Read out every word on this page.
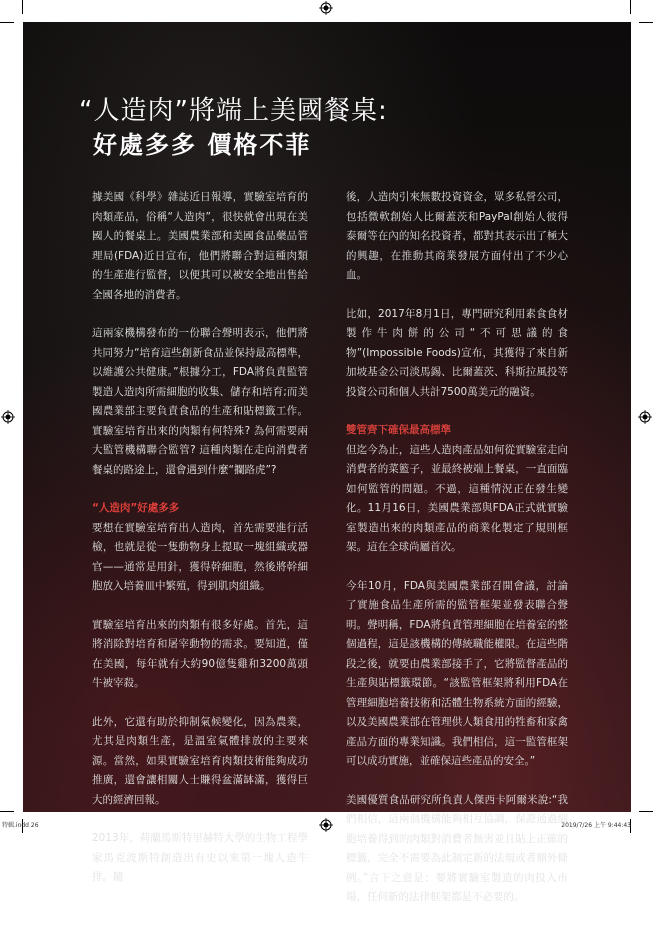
“人造肉”將端上美國餐桌:
好處多多 價格不菲

據美國《科學》雜誌近日報導，實驗室培育的肉類產品，俗稱“人造肉”，很快就會出現在美國人的餐桌上。美國農業部和美國食品藥品管理局(FDA)近日宣布，他們將聯合對這種肉類的生產進行監督，以便其可以被安全地出售給全國各地的消費者。

這兩家機構發布的一份聯合聲明表示，他們將共同努力“培育這些創新食品並保持最高標準，以維護公共健康。”根據分工，FDA將負責監管製造人造肉所需細胞的收集、儲存和培育;而美國農業部主要負責食品的生產和貼標籤工作。實驗室培育出來的肉類有何特殊? 為何需要兩大監管機構聯合監管? 這種肉類在走向消費者餐桌的路途上，還會遇到什麼“攔路虎”?

“人造肉”好處多多

要想在實驗室培育出人造肉，首先需要進行活檢，也就是從一隻動物身上提取一塊組織或器官——通常是用針，獲得幹細胞，然後將幹細胞放入培養皿中繁殖，得到肌肉組織。

實驗室培育出來的肉類有很多好處。首先，這將消除對培育和屠宰動物的需求。要知道，僅在美國，每年就有大約90億隻雞和3200萬頭牛被宰殺。

此外，它還有助於抑制氣候變化，因為農業，尤其是肉類生產，是溫室氣體排放的主要來源。當然，如果實驗室培育肉類技術能夠成功推廣，還會讓相關人士賺得盆滿缽滿，獲得巨大的經濟回報。

2013年，荷蘭馬斯特里赫特大學的生物工程學家馬克波斯特創造出有史以來第一塊人造牛排。隨

後，人造肉引來無數投資資金，眾多私營公司，包括微軟創始人比爾蓋茨和PayPal創始人彼得泰爾等在內的知名投資者，都對其表示出了極大的興趣，在推動其商業發展方面付出了不少心血。

比如，2017年8月1日，專門研究利用素食食材製作牛肉餅的公司“不可思議的食物”(Impossible Foods)宣布，其獲得了來自新加坡基金公司淡馬錫、比爾蓋茨、科斯拉風投等投資公司和個人共計7500萬美元的融資。

雙管齊下確保最高標準

但迄今為止，這些人造肉產品如何從實驗室走向消費者的菜籃子，並最終被端上餐桌，一直面臨如何監管的問題。不過，這種情況正在發生變化。11月16日，美國農業部與FDA正式就實驗室製造出來的肉類產品的商業化製定了規則框架。這在全球尚屬首次。

今年10月，FDA與美國農業部召開會議，討論了實施食品生產所需的監管框架並發表聯合聲明。聲明稱，FDA將負責管理細胞在培養室的整個過程，這是該機構的傳統職能權限。在這些階段之後，就要由農業部接手了，它將監督產品的生產與貼標籤環節。“該監管框架將利用FDA在管理細胞培養技術和活體生物系統方面的經驗，以及美國農業部在管理供人類食用的牲畜和家禽產品方面的專業知識。我們相信，這一監管框架可以成功實施，並確保這些產品的安全。”

美國優質食品研究所負責人傑西卡阿爾米說:“我們相信，這兩個機構能夠相互協調，保證通過細胞培養得到的肉類對消費者無害並且貼上正確的標籤，完全不需要為此制定新的法規或者額外條例。”言下之意是：要將實驗室製造的肉投入市場，任何新的法律框架都是不必要的。

特輯.indd 26	2019/7/26 上午 9:44:43
